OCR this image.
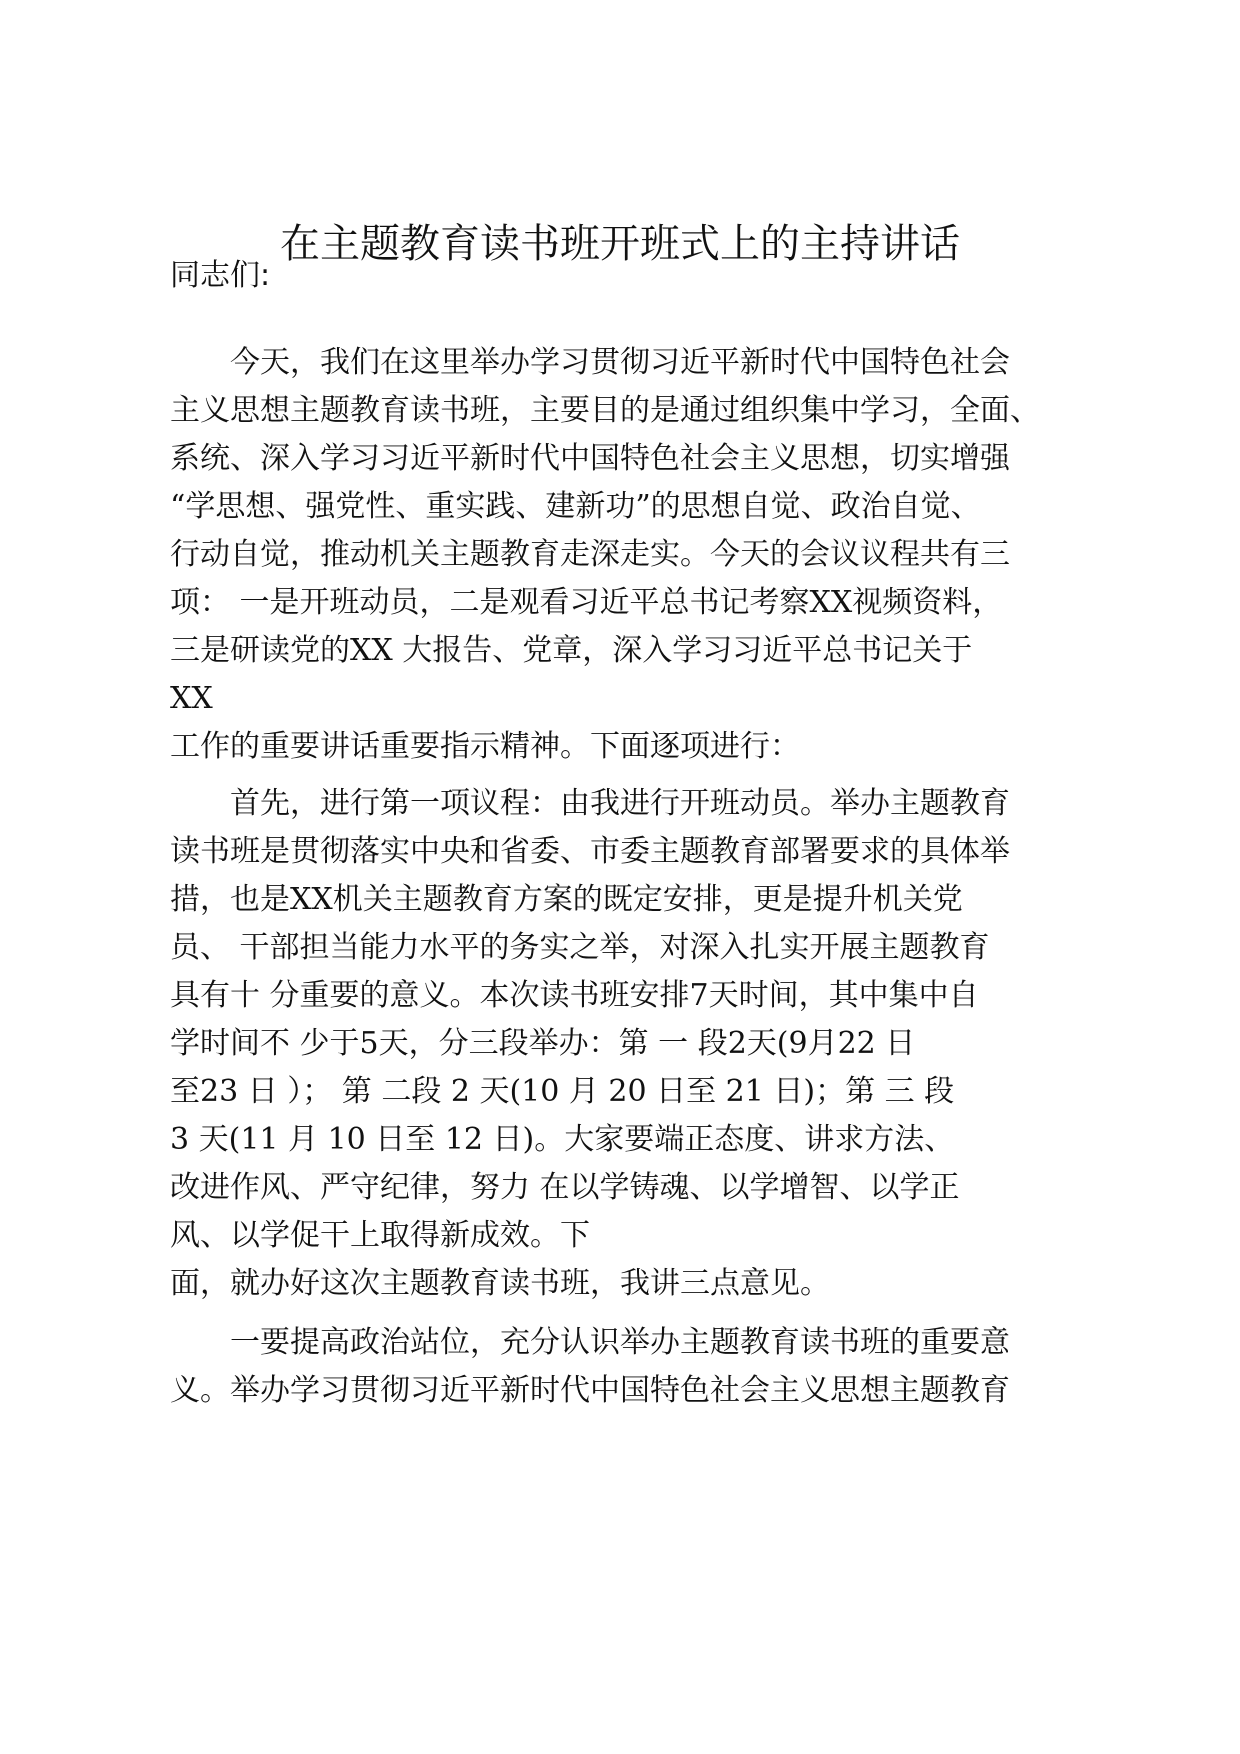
在主题教育读书班开班式上的主持讲话
同志们:
今天，我们在这里举办学习贯彻习近平新时代中国特色社会
主义思想主题教育读书班，主要目的是通过组织集中学习，全面、
系统、深入学习习近平新时代中国特色社会主义思想，切实增强
“学思想、强党性、重实践、建新功”的思想自觉、政治自觉、
行动自觉，推动机关主题教育走深走实。今天的会议议程共有三
项： 一是开班动员，二是观看习近平总书记考察XX视频资料，
三是研读党的XX 大报告、党章，深入学习习近平总书记关于
XX
工作的重要讲话重要指示精神。下面逐项进行：
首先，进行第一项议程：由我进行开班动员。举办主题教育
读书班是贯彻落实中央和省委、市委主题教育部署要求的具体举
措，也是XX机关主题教育方案的既定安排，更是提升机关党
员、 干部担当能力水平的务实之举，对深入扎实开展主题教育
具有十 分重要的意义。本次读书班安排7天时间，其中集中自
学时间不 少于5天，分三段举办：第 一 段2天(9月22 日
至23 日 ）； 第 二段 2 天(10 月 20 日至 21 日)；第 三 段
3 天(11 月 10 日至 12 日)。大家要端正态度、讲求方法、
改进作风、严守纪律，努力 在以学铸魂、以学增智、以学正
风、以学促干上取得新成效。下
面，就办好这次主题教育读书班，我讲三点意见。
一要提高政治站位，充分认识举办主题教育读书班的重要意
义。举办学习贯彻习近平新时代中国特色社会主义思想主题教育
